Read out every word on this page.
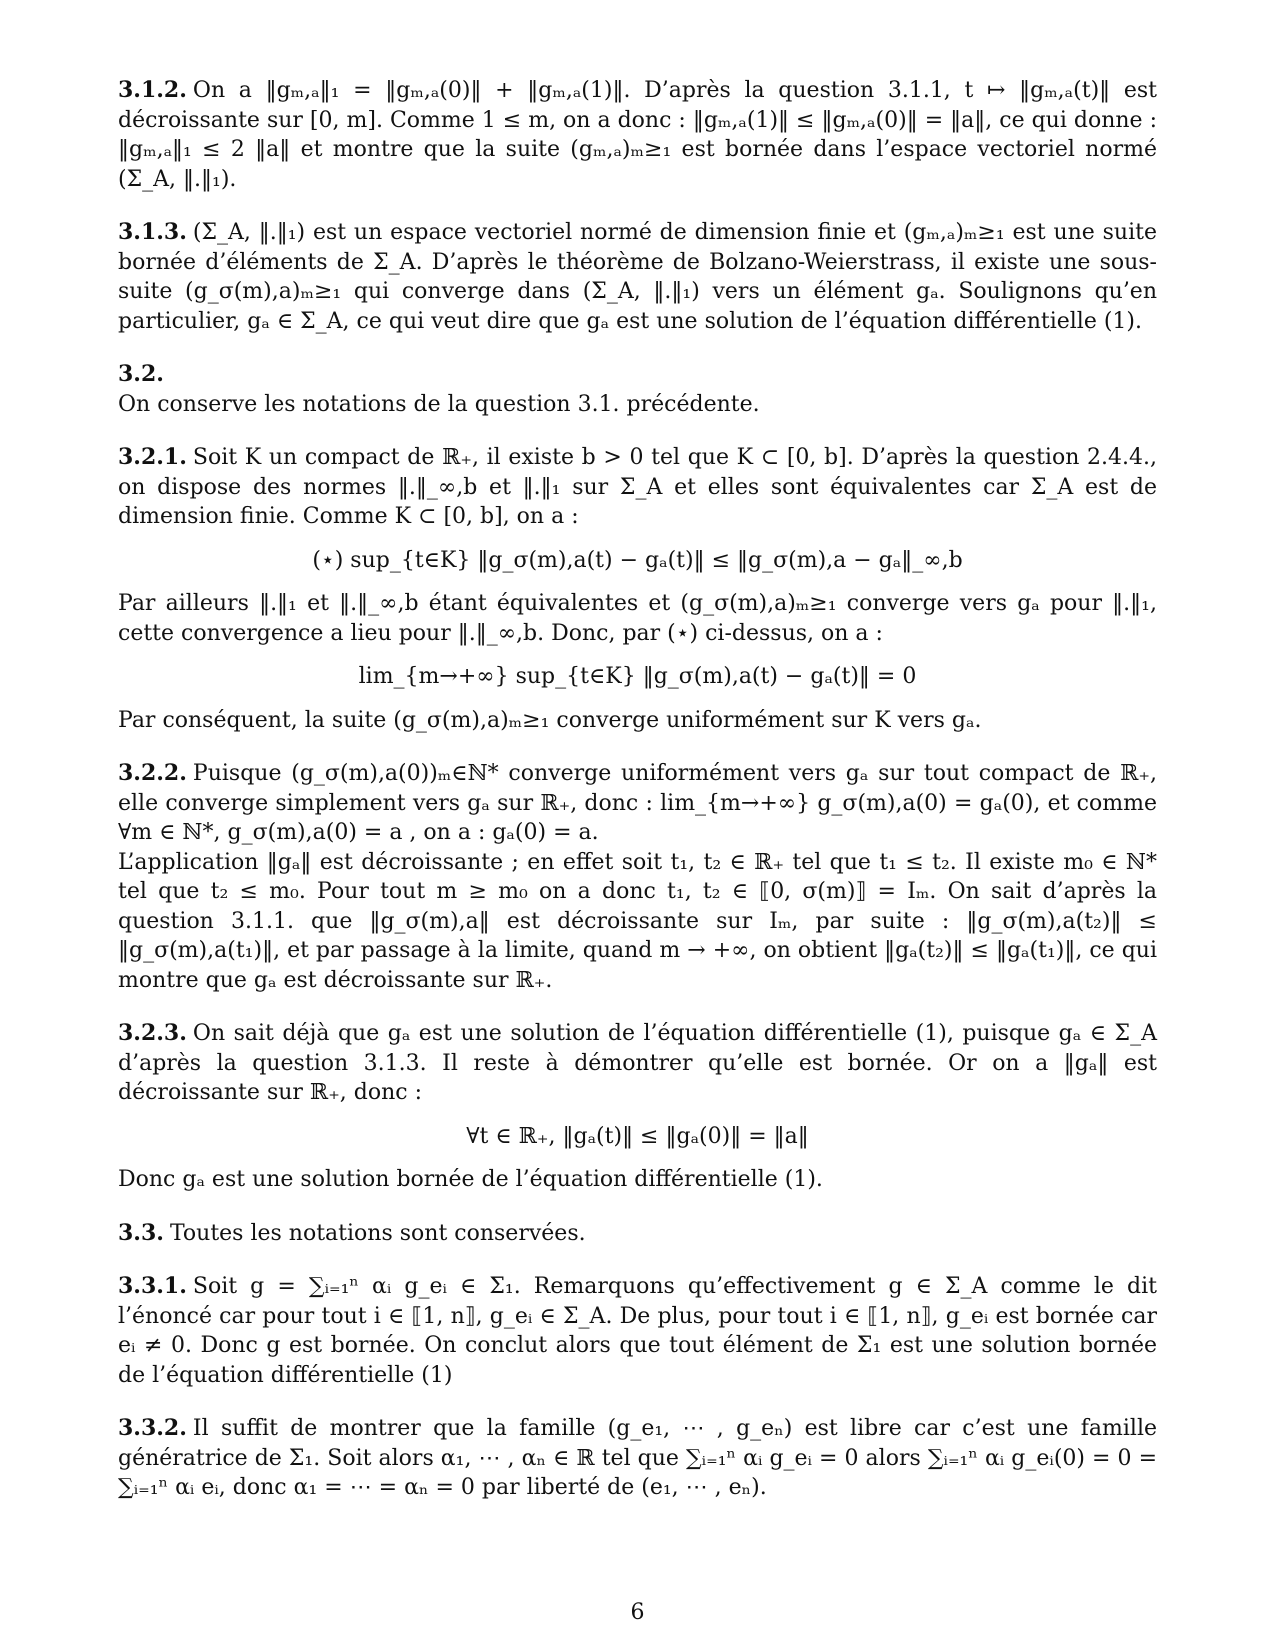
3.1.2. On a ‖gₘ,ₐ‖₁ = ‖gₘ,ₐ(0)‖ + ‖gₘ,ₐ(1)‖. D’après la question 3.1.1, t ↦ ‖gₘ,ₐ(t)‖ est décroissante sur [0, m]. Comme 1 ≤ m, on a donc : ‖gₘ,ₐ(1)‖ ≤ ‖gₘ,ₐ(0)‖ = ‖a‖, ce qui donne : ‖gₘ,ₐ‖₁ ≤ 2 ‖a‖ et montre que la suite (gₘ,ₐ)ₘ≥₁ est bornée dans l’espace vectoriel normé (Σ_A, ‖.‖₁).

3.1.3. (Σ_A, ‖.‖₁) est un espace vectoriel normé de dimension finie et (gₘ,ₐ)ₘ≥₁ est une suite bornée d’éléments de Σ_A. D’après le théorème de Bolzano-Weierstrass, il existe une sous-suite (g_σ(m),a)ₘ≥₁ qui converge dans (Σ_A, ‖.‖₁) vers un élément gₐ. Soulignons qu’en particulier, gₐ ∈ Σ_A, ce qui veut dire que gₐ est une solution de l’équation différentielle (1).

3.2.

On conserve les notations de la question 3.1. précédente.

3.2.1. Soit K un compact de ℝ₊, il existe b > 0 tel que K ⊂ [0, b]. D’après la question 2.4.4., on dispose des normes ‖.‖_∞,b et ‖.‖₁ sur Σ_A et elles sont équivalentes car Σ_A est de dimension finie. Comme K ⊂ [0, b], on a :

(⋆) sup_{t∈K} ‖g_σ(m),a(t) − gₐ(t)‖ ≤ ‖g_σ(m),a − gₐ‖_∞,b

Par ailleurs ‖.‖₁ et ‖.‖_∞,b étant équivalentes et (g_σ(m),a)ₘ≥₁ converge vers gₐ pour ‖.‖₁, cette convergence a lieu pour ‖.‖_∞,b. Donc, par (⋆) ci-dessus, on a :

lim_{m→+∞} sup_{t∈K} ‖g_σ(m),a(t) − gₐ(t)‖ = 0

Par conséquent, la suite (g_σ(m),a)ₘ≥₁ converge uniformément sur K vers gₐ.

3.2.2. Puisque (g_σ(m),a(0))ₘ∈ℕ* converge uniformément vers gₐ sur tout compact de ℝ₊, elle converge simplement vers gₐ sur ℝ₊, donc : lim_{m→+∞} g_σ(m),a(0) = gₐ(0), et comme ∀m ∈ ℕ*, g_σ(m),a(0) = a , on a : gₐ(0) = a.

L’application ‖gₐ‖ est décroissante ; en effet soit t₁, t₂ ∈ ℝ₊ tel que t₁ ≤ t₂. Il existe m₀ ∈ ℕ* tel que t₂ ≤ m₀. Pour tout m ≥ m₀ on a donc t₁, t₂ ∈ ⟦0, σ(m)⟧ = Iₘ. On sait d’après la question 3.1.1. que ‖g_σ(m),a‖ est décroissante sur Iₘ, par suite : ‖g_σ(m),a(t₂)‖ ≤ ‖g_σ(m),a(t₁)‖, et par passage à la limite, quand m → +∞, on obtient ‖gₐ(t₂)‖ ≤ ‖gₐ(t₁)‖, ce qui montre que gₐ est décroissante sur ℝ₊.

3.2.3. On sait déjà que gₐ est une solution de l’équation différentielle (1), puisque gₐ ∈ Σ_A d’après la question 3.1.3. Il reste à démontrer qu’elle est bornée. Or on a ‖gₐ‖ est décroissante sur ℝ₊, donc :

∀t ∈ ℝ₊, ‖gₐ(t)‖ ≤ ‖gₐ(0)‖ = ‖a‖

Donc gₐ est une solution bornée de l’équation différentielle (1).

3.3. Toutes les notations sont conservées.

3.3.1. Soit g = ∑ᵢ₌₁ⁿ αᵢ g_eᵢ ∈ Σ₁. Remarquons qu’effectivement g ∈ Σ_A comme le dit l’énoncé car pour tout i ∈ ⟦1, n⟧, g_eᵢ ∈ Σ_A. De plus, pour tout i ∈ ⟦1, n⟧, g_eᵢ est bornée car eᵢ ≠ 0. Donc g est bornée. On conclut alors que tout élément de Σ₁ est une solution bornée de l’équation différentielle (1)

3.3.2. Il suffit de montrer que la famille (g_e₁, ⋯ , g_eₙ) est libre car c’est une famille génératrice de Σ₁. Soit alors α₁, ⋯ , αₙ ∈ ℝ tel que ∑ᵢ₌₁ⁿ αᵢ g_eᵢ = 0 alors ∑ᵢ₌₁ⁿ αᵢ g_eᵢ(0) = 0 = ∑ᵢ₌₁ⁿ αᵢ eᵢ, donc α₁ = ⋯ = αₙ = 0 par liberté de (e₁, ⋯ , eₙ).

6
